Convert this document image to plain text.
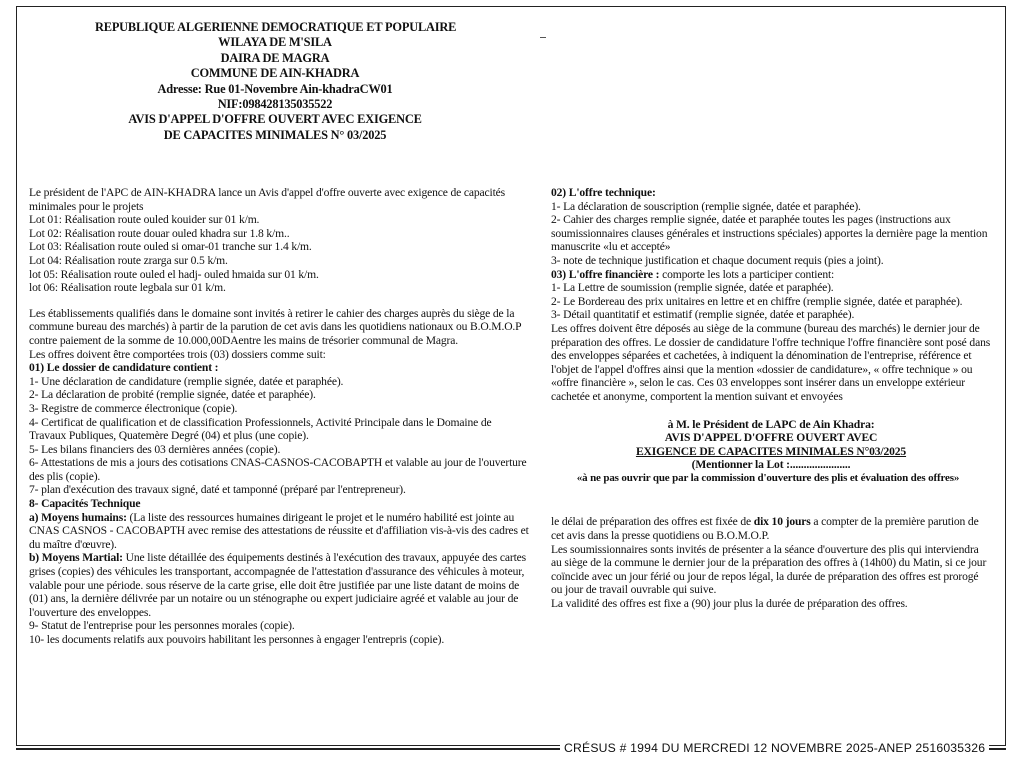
REPUBLIQUE ALGERIENNE DEMOCRATIQUE ET POPULAIRE
WILAYA DE M'SILA
DAIRA DE MAGRA
COMMUNE DE AIN-KHADRA
Adresse: Rue 01-Novembre Ain-khadraCW01
NIF:098428135035522
AVIS D'APPEL D'OFFRE OUVERT AVEC EXIGENCE
DE CAPACITES MINIMALES N° 03/2025

Le président de l'APC de AIN-KHADRA lance un Avis d'appel d'offre ouverte avec exigence de capacités minimales pour le projets

Lot 01: Réalisation route ouled kouider sur 01 k/m.

Lot 02: Réalisation route douar ouled khadra sur 1.8 k/m..

Lot 03: Réalisation route ouled si omar-01 tranche sur 1.4 k/m.

Lot 04: Réalisation route zrarga sur 0.5 k/m.

lot 05: Réalisation route ouled el hadj- ouled hmaida sur 01 k/m.

lot 06: Réalisation route legbala sur 01 k/m.

Les établissements qualifiés dans le domaine sont invités à retirer le cahier des charges auprès du siège de la commune bureau des marchés) à partir de la parution de cet avis dans les quotidiens nationaux ou B.O.M.O.P contre paiement de la somme de 10.000,00DAentre les mains de trésorier communal de Magra.

Les offres doivent être comportées trois (03) dossiers comme suit:

01) Le dossier de candidature contient :

1- Une déclaration de candidature (remplie signée, datée et paraphée).

2- La déclaration de probité (remplie signée, datée et paraphée).

3- Registre de commerce électronique (copie).

4- Certificat de qualification et de classification Professionnels, Activité Principale dans le Domaine de Travaux Publiques, Quatemère Degré (04) et plus (une copie).

5- Les bilans financiers des 03 dernières années (copie).

6- Attestations de mis a jours des cotisations CNAS-CASNOS-CACOBAPTH et valable au jour de l'ouverture des plis (copie).

7- plan d'exécution des travaux signé, daté et tamponné (préparé par l'entrepreneur).

8- Capacités Technique

a) Moyens humains: (La liste des ressources humaines dirigeant le projet et le numéro habilité est jointe au CNAS CASNOS - CACOBAPTH avec remise des attestations de réussite et d'affiliation vis-à-vis des cadres et du maître d'œuvre).

b) Moyens Martial: Une liste détaillée des équipements destinés à l'exécution des travaux, appuyée des cartes grises (copies) des véhicules les transportant, accompagnée de l'attestation d'assurance des véhicules à moteur, valable pour une période. sous réserve de la carte grise, elle doit être justifiée par une liste datant de moins de (01) ans, la dernière délivrée par un notaire ou un sténographe ou expert judiciaire agréé et valable au jour de l'ouverture des enveloppes.

9- Statut de l'entreprise pour les personnes morales (copie).

10- les documents relatifs aux pouvoirs habilitant les personnes à engager l'entrepris (copie).

02) L'offre technique:

1- La déclaration de souscription (remplie signée, datée et paraphée).

2- Cahier des charges remplie signée, datée et paraphée toutes les pages (instructions aux soumissionnaires clauses générales et instructions spéciales) apportes la dernière page la mention manuscrite «lu et accepté»

3- note de technique justification et chaque document requis (pies a joint).

03) L'offre financière : comporte les lots a participer contient:

1- La Lettre de soumission (remplie signée, datée et paraphée).

2- Le Bordereau des prix unitaires en lettre et en chiffre (remplie signée, datée et paraphée).

3- Détail quantitatif et estimatif (remplie signée, datée et paraphée).

Les offres doivent être déposés au siège de la commune (bureau des marchés) le dernier jour de préparation des offres. Le dossier de candidature l'offre technique l'offre financière sont posé dans des enveloppes séparées et cachetées, à indiquent la dénomination de l'entreprise, référence et l'objet de l'appel d'offres ainsi que la mention «dossier de candidature», « offre technique » ou «offre financière », selon le cas. Ces 03 enveloppes sont insérer dans un enveloppe extérieur cachetée et anonyme, comportent la mention suivant et envoyées

à M. le Président de LAPC de Ain Khadra:
AVIS D'APPEL D'OFFRE OUVERT AVEC
EXIGENCE DE CAPACITES MINIMALES N°03/2025
(Mentionner la Lot :......................
«à ne pas ouvrir que par la commission d'ouverture des plis et évaluation des offres»

le délai de préparation des offres est fixée de dix 10 jours a compter de la première parution de cet avis dans la presse quotidiens ou B.O.M.O.P.

Les soumissionnaires sonts invités de présenter a la séance d'ouverture des plis qui interviendra au siège de la commune le dernier jour de la préparation des offres à (14h00) du Matin, si ce jour coïncide avec un jour férié ou jour de repos légal, la durée de préparation des offres est prorogé ou jour de travail ouvrable qui suive.

La validité des offres est fixe a (90) jour plus la durée de préparation des offres.

CRÉSUS # 1994 DU MERCREDI 12 NOVEMBRE 2025-ANEP 2516035326
